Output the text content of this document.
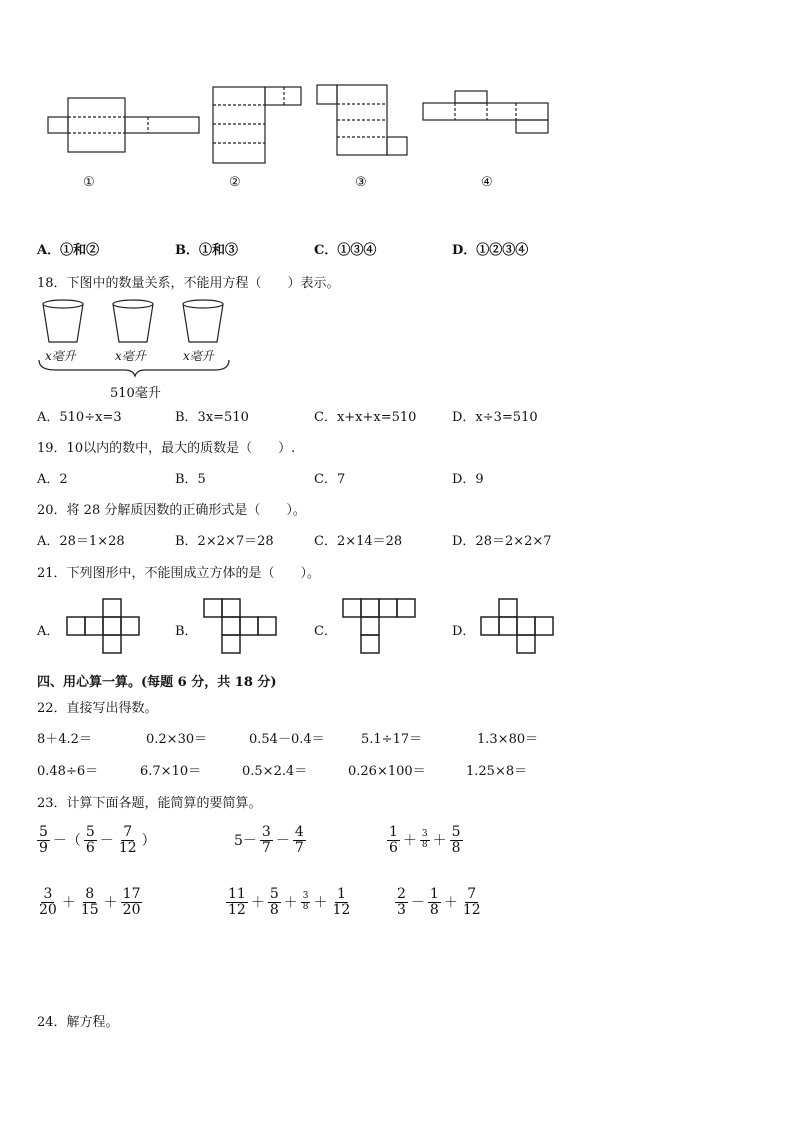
①	②	③	④
A．①和②	B．①和③	C．①③④	D．①②③④
18．下图中的数量关系，不能用方程（　　）表示。
x毫升	x毫升	x毫升
510毫升
A．510÷x=3	B．3x=510	C．x+x+x=510	D．x÷3=510
19．10以内的数中，最大的质数是（　　）.
A．2	B．5	C．7	D．9
20．将 28 分解质因数的正确形式是（　　）。
A．28＝1×28	B．2×2×7＝28	C．2×14＝28	D．28＝2×2×7
21．下列图形中，不能围成立方体的是（　　）。
A．	B．	C．	D．
四、用心算一算。(每题 6 分，共 18 分)
22．直接写出得数。
8＋4.2＝	0.2×30＝	0.54－0.4＝	5.1÷17＝	1.3×80＝
0.48÷6＝	6.7×10＝	0.5×2.4＝	0.26×100＝	1.25×8＝
23．计算下面各题，能简算的要简算。
$\frac{5}{9}$ －（ $\frac{5}{6} - \frac{7}{12}$ ）	$5- \frac{3}{7} - \frac{4}{7}$	$\frac{1}{6} + \frac{3}{8} + \frac{5}{8}$
$\frac{3}{20} + \frac{8}{15} + \frac{17}{20}$	$\frac{11}{12} + \frac{5}{8} + \frac{3}{8} + \frac{1}{12}$	$\frac{2}{3} - \frac{1}{8} + \frac{7}{12}$
24．解方程。
